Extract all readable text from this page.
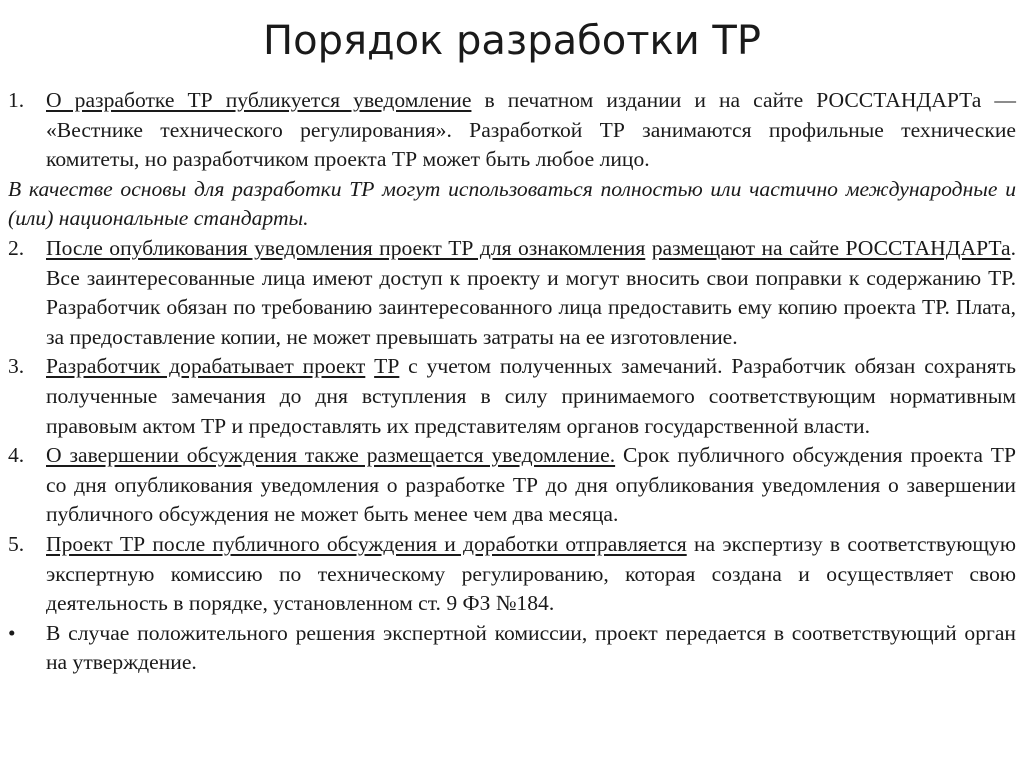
Порядок разработки ТР

1.	О разработке ТР публикуется уведомление в печатном издании и на сайте РОССТАНДАРТа — «Вестнике технического регулирования». Разработкой ТР занимаются профильные технические комитеты, но разработчиком проекта ТР может быть любое лицо.

В качестве основы для разработки ТР могут использоваться полностью или частично международные и (или) национальные стандарты.

2.	После опубликования уведомления проект ТР для ознакомления размещают на сайте РОССТАНДАРТа. Все заинтересованные лица имеют доступ к проекту и могут вносить свои поправки к содержанию ТР. Разработчик обязан по требованию заинтересованного лица предоставить ему копию проекта ТР. Плата, за предоставление копии, не может превышать затраты на ее изготовление.

3.	Разработчик дорабатывает проект ТР с учетом полученных замечаний. Разработчик обязан сохранять полученные замечания до дня вступления в силу принимаемого соответствующим нормативным правовым актом ТР и предоставлять их представителям органов государственной власти.

4.	О завершении обсуждения также размещается уведомление. Срок публичного обсуждения проекта ТР со дня опубликования уведомления о разработке ТР до дня опубликования уведомления о завершении публичного обсуждения не может быть менее чем два месяца.

5.	Проект ТР после публичного обсуждения и доработки отправляется на экспертизу в соответствующую экспертную комиссию по техническому регулированию, которая создана и осуществляет свою деятельность в порядке, установленном ст. 9 ФЗ №184.

•	В случае положительного решения экспертной комиссии, проект передается в соответствующий орган на утверждение.
